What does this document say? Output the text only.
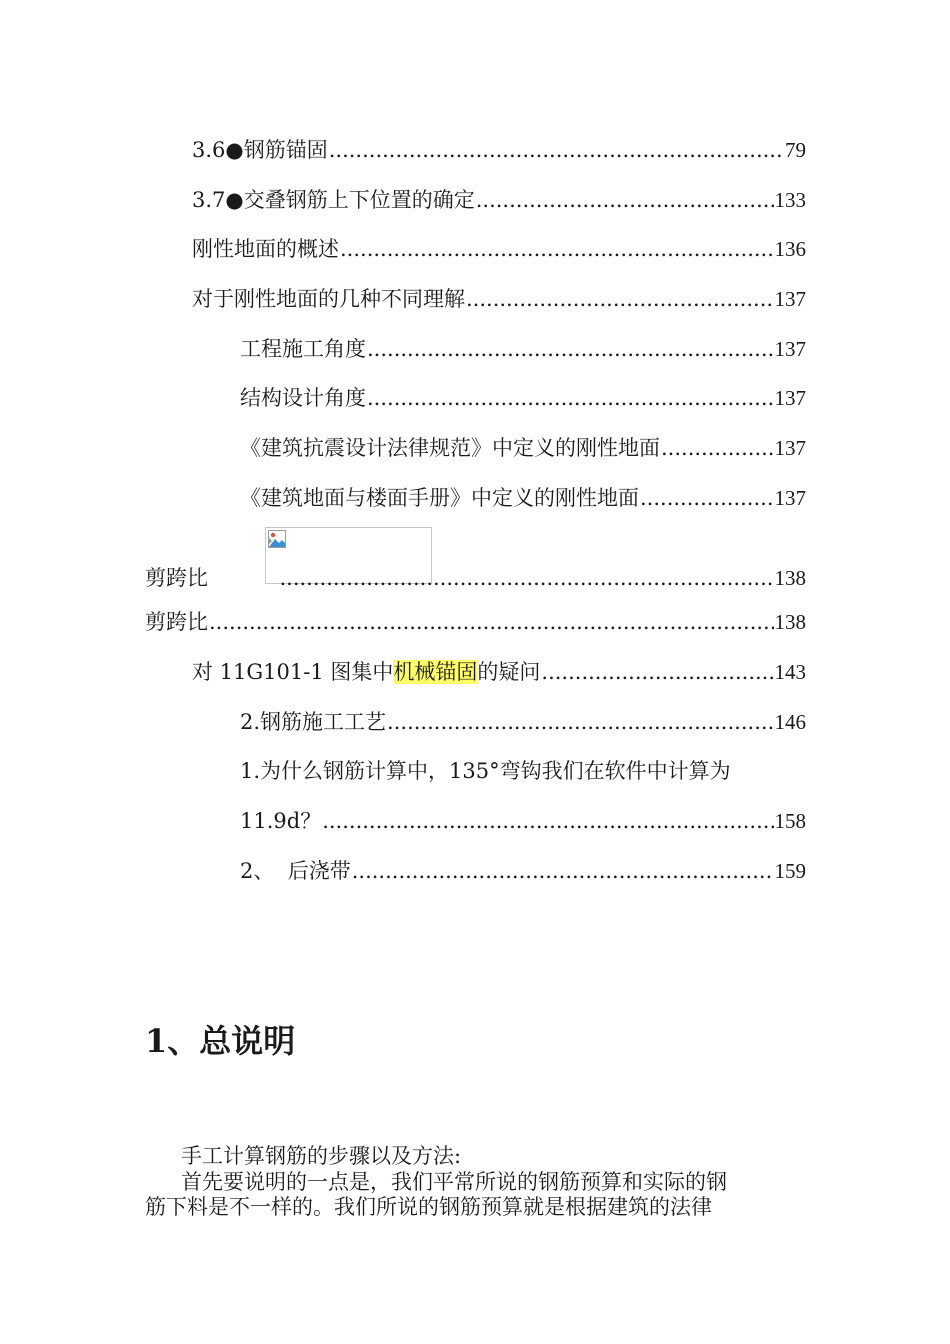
3.6●钢筋锚固 .....	79
3.7●交叠钢筋上下位置的确定 .....	133
刚性地面的概述 .....	136
对于刚性地面的几种不同理解 .....	137
工程施工角度 .....	137
结构设计角度 .....	137
《建筑抗震设计法律规范》中定义的刚性地面 .....	137
《建筑地面与楼面手册》中定义的刚性地面 .....	137
剪跨比 .....	138
剪跨比 .....	138
对 11G101-1 图集中机械锚固的疑问 .....	143
2.钢筋施工工艺 .....	146
1.为什么钢筋计算中，135°弯钩我们在软件中计算为
11.9d？ .....	158
2、  后浇带 .....	159
1、总说明
手工计算钢筋的步骤以及方法:
首先要说明的一点是，我们平常所说的钢筋预算和实际的钢
筋下料是不一样的。我们所说的钢筋预算就是根据建筑的法律
